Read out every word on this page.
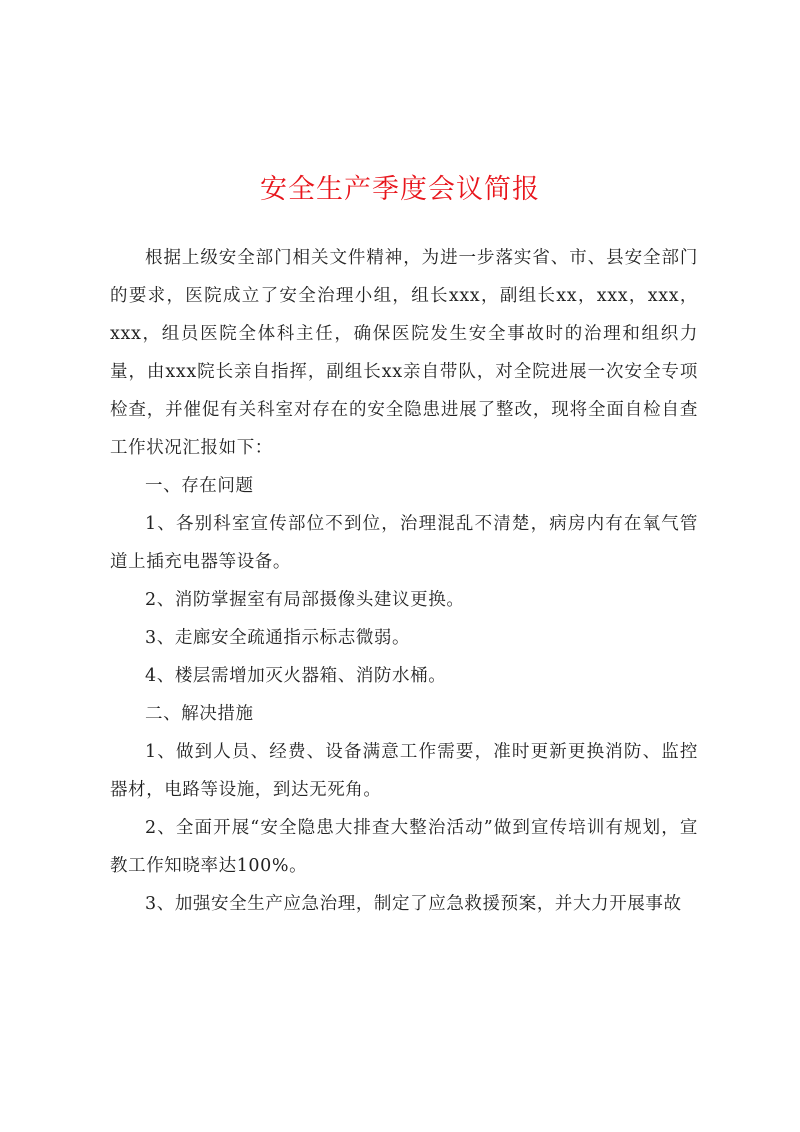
安全生产季度会议简报

根据上级安全部门相关文件精神，为进一步落实省、市、县安全部门的要求，医院成立了安全治理小组，组长xxx，副组长xx，xxx，xxx，xxx，组员医院全体科主任，确保医院发生安全事故时的治理和组织力量，由xxx院长亲自指挥，副组长xx亲自带队，对全院进展一次安全专项检查，并催促有关科室对存在的安全隐患进展了整改，现将全面自检自查工作状况汇报如下：

一、存在问题

1、各别科室宣传部位不到位，治理混乱不清楚，病房内有在氧气管道上插充电器等设备。

2、消防掌握室有局部摄像头建议更换。

3、走廊安全疏通指示标志微弱。

4、楼层需增加灭火器箱、消防水桶。

二、解决措施

1、做到人员、经费、设备满意工作需要，准时更新更换消防、监控器材，电路等设施，到达无死角。

2、全面开展“安全隐患大排查大整治活动”做到宣传培训有规划，宣教工作知晓率达100%。

3、加强安全生产应急治理，制定了应急救援预案，并大力开展事故
